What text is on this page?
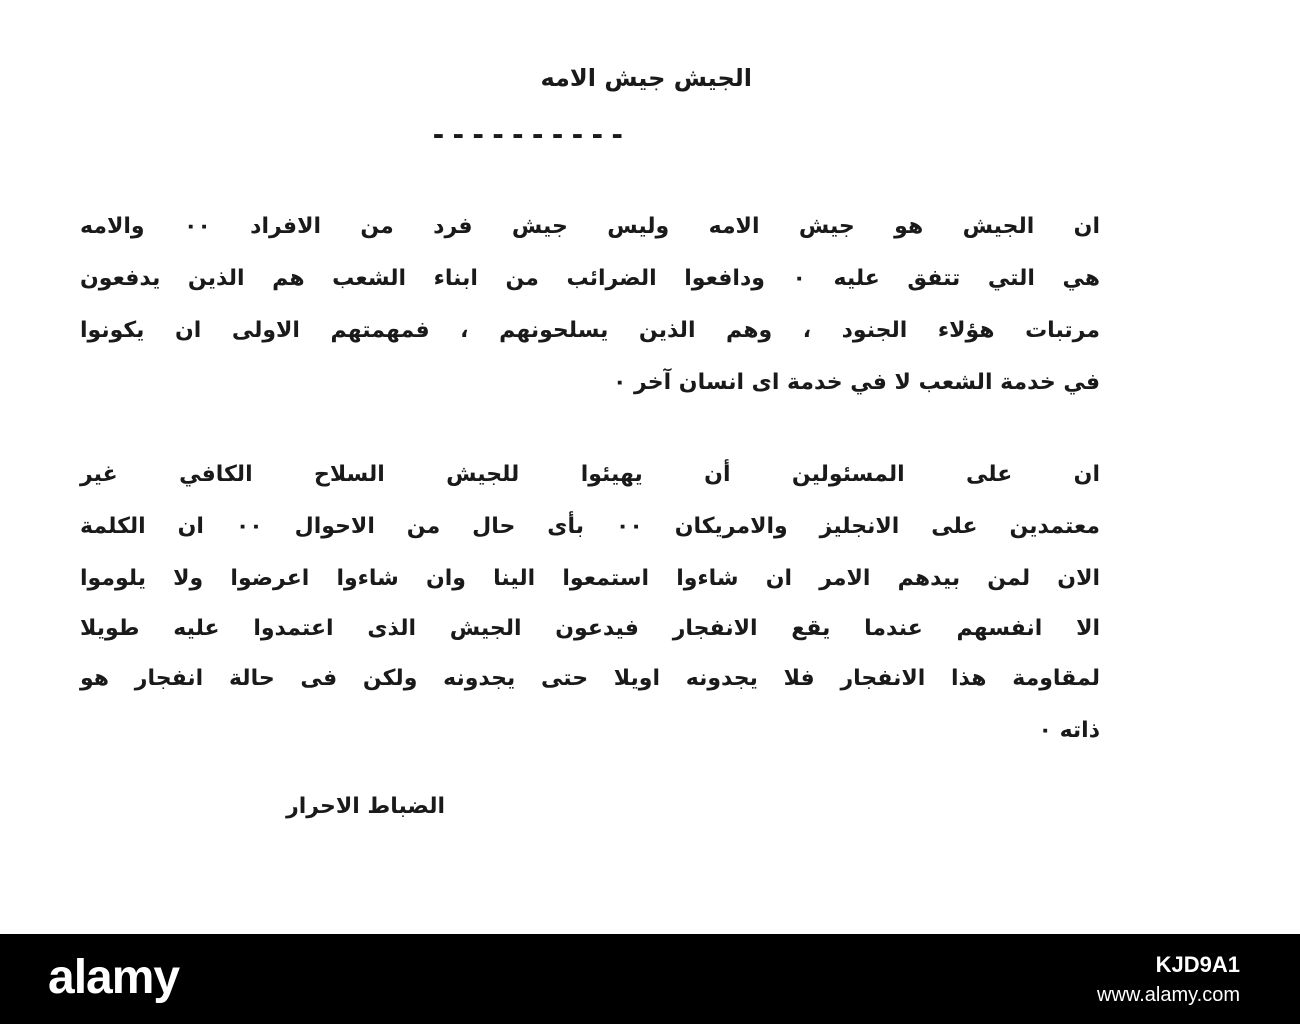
الجيش جيش الامه
----------
ان الجيش هو جيش الامه وليس جيش فرد من الافراد ٠٠ والامه
هي التي تتفق عليه ٠ ودافعوا الضرائب من ابناء الشعب هم الذين يدفعون
مرتبات هؤلاء الجنود ، وهم الذين يسلحونهم ، فمهمتهم الاولى ان يكونوا
في خدمة الشعب لا في خدمة اى انسان آخر ٠
ان على المسئولين أن يهيئوا للجيش السلاح الكافي غير
معتمدين على الانجليز والامريكان ٠٠ بأى حال من الاحوال ٠٠ ان الكلمة
الان لمن بيدهم الامر ان شاءوا استمعوا الينا وان شاءوا اعرضوا ولا يلوموا
الا انفسهم عندما يقع الانفجار فيدعون الجيش الذى اعتمدوا عليه طويلا
لمقاومة هذا الانفجار فلا يجدونه اويلا حتى يجدونه ولكن فى حالة انفجار هو
ذاته ٠
الضباط الاحرار
alamy	KJD9A1
www.alamy.com
